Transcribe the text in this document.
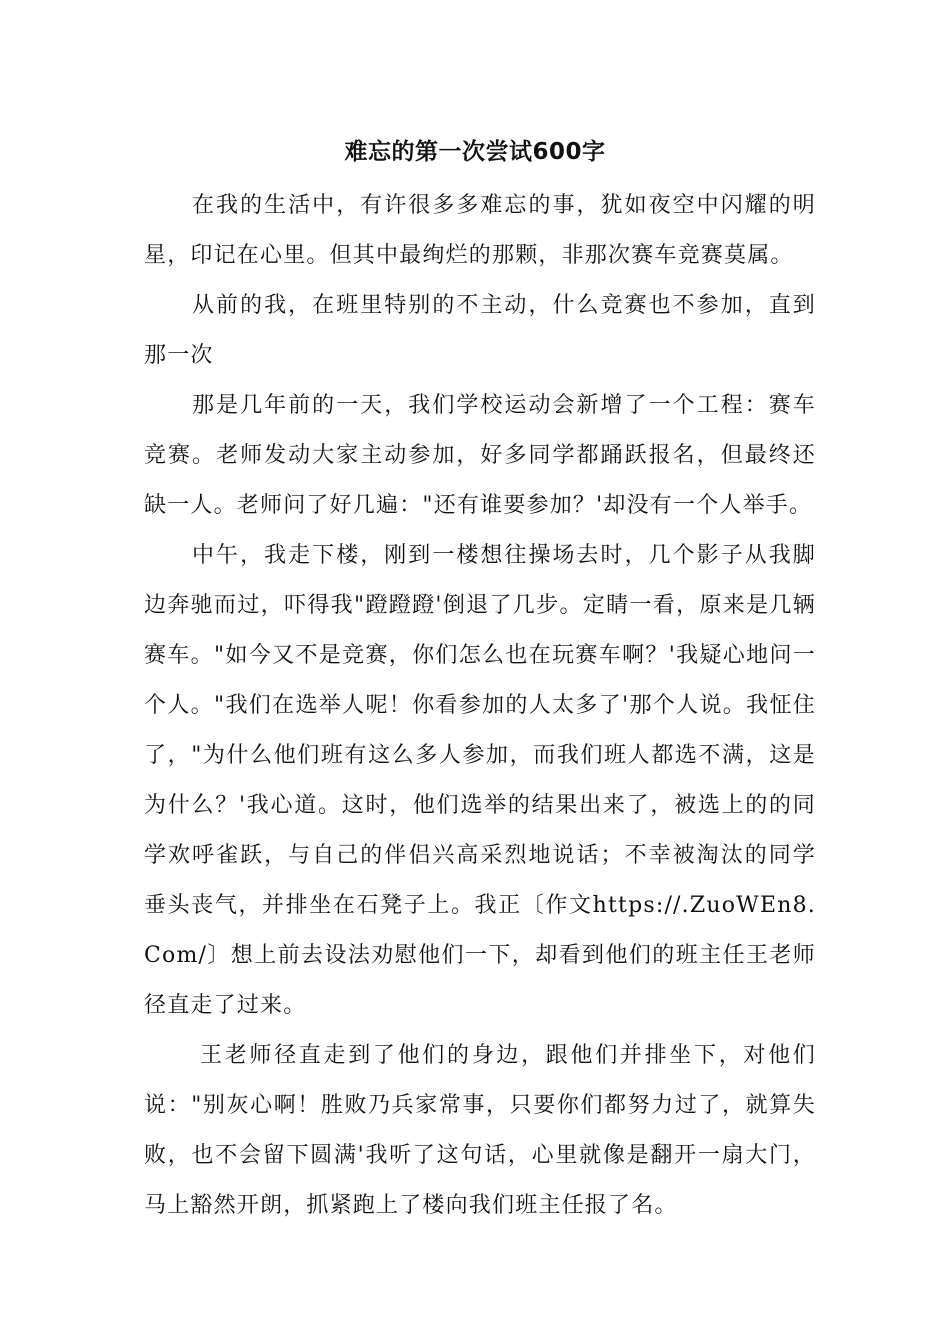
难忘的第一次尝试600字

在我的生活中，有许很多多难忘的事，犹如夜空中闪耀的明星，印记在心里。但其中最绚烂的那颗，非那次赛车竞赛莫属。

从前的我，在班里特别的不主动，什么竞赛也不参加，直到那一次

那是几年前的一天，我们学校运动会新增了一个工程：赛车竞赛。老师发动大家主动参加，好多同学都踊跃报名，但最终还缺一人。老师问了好几遍："还有谁要参加？'却没有一个人举手。

中午，我走下楼，刚到一楼想往操场去时，几个影子从我脚边奔驰而过，吓得我"蹬蹬蹬'倒退了几步。定睛一看，原来是几辆赛车。"如今又不是竞赛，你们怎么也在玩赛车啊？'我疑心地问一个人。"我们在选举人呢！你看参加的人太多了'那个人说。我怔住了，"为什么他们班有这么多人参加，而我们班人都选不满，这是为什么？'我心道。这时，他们选举的结果出来了，被选上的的同学欢呼雀跃，与自己的伴侣兴高采烈地说话；不幸被淘汰的同学垂头丧气，并排坐在石凳子上。我正〔作文https://.ZuoWEn8.Com/〕想上前去设法劝慰他们一下，却看到他们的班主任王老师径直走了过来。

王老师径直走到了他们的身边，跟他们并排坐下，对他们说："别灰心啊！胜败乃兵家常事，只要你们都努力过了，就算失败，也不会留下圆满'我听了这句话，心里就像是翻开一扇大门，马上豁然开朗，抓紧跑上了楼向我们班主任报了名。
